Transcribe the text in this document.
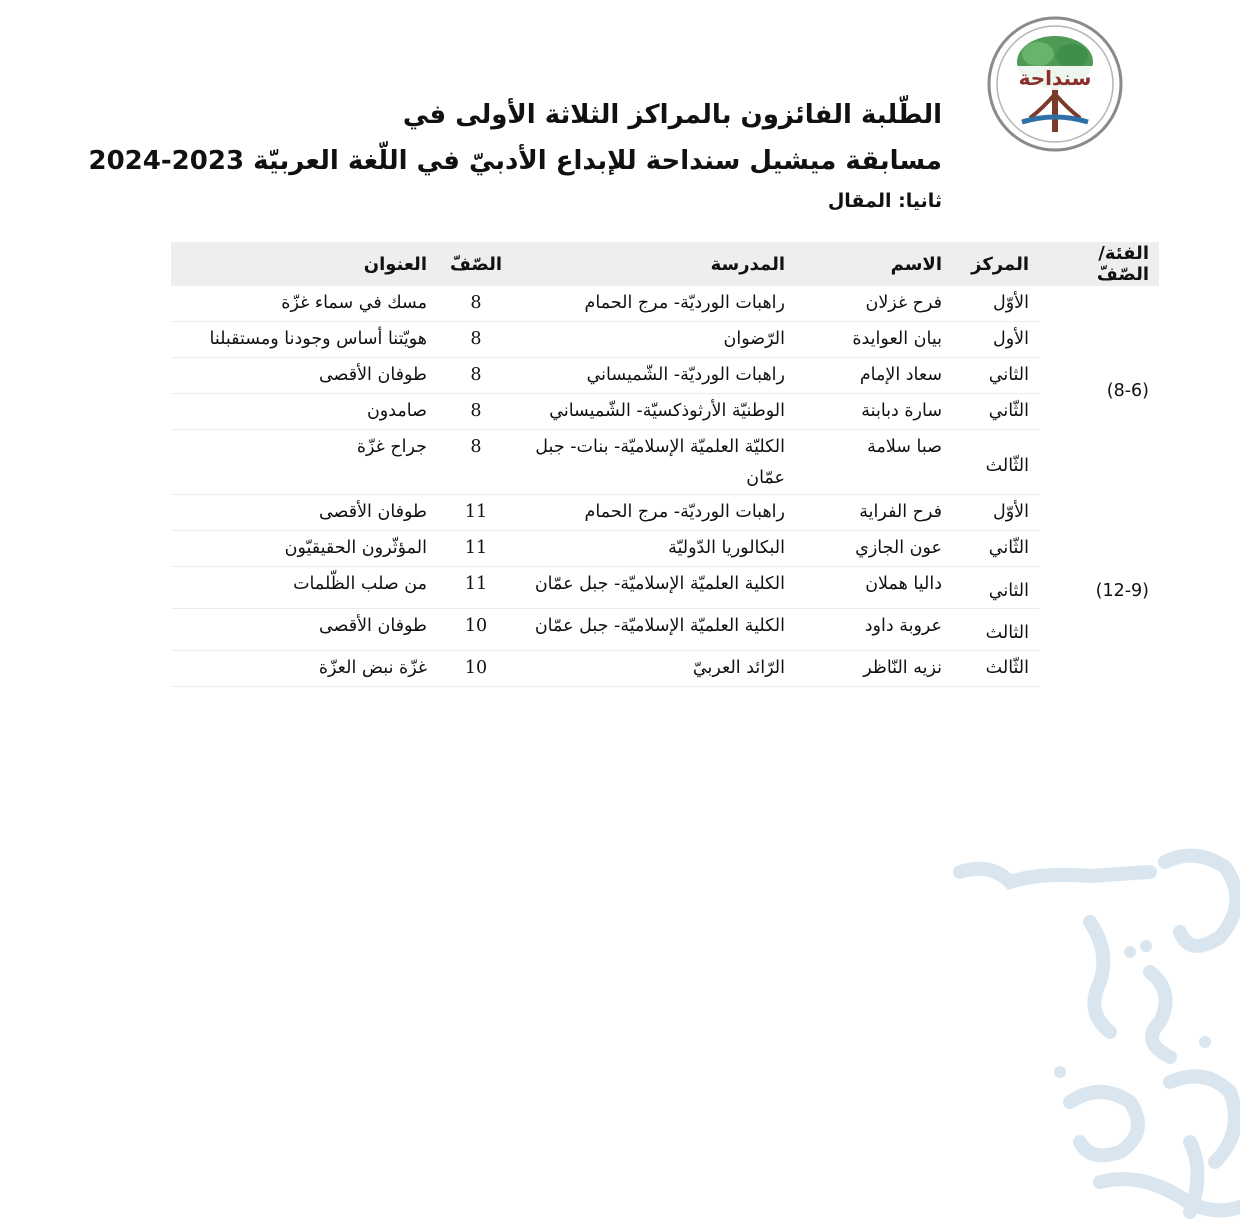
سنداحة
الطّلبة الفائزون بالمراكز الثلاثة الأولى في
مسابقة ميشيل سنداحة للإبداع الأدبيّ في اللّغة العربيّة 2023-2024
ثانيا: المقال
الفئة/الصّفّ	المركز	الاسم	المدرسة	الصّفّ	العنوان
(8-6)	الأوّل	فرح غزلان	راهبات الورديّة- مرج الحمام	8	مسك في سماء غزّة
	الأول	بيان العوايدة	الرّضوان	8	هويّتنا أساس وجودنا ومستقبلنا
	الثاني	سعاد الإمام	راهبات الورديّة- الشّميساني	8	طوفان الأقصى
	الثّاني	سارة دبابنة	الوطنيّة الأرثوذكسيّة- الشّميساني	8	صامدون
	الثّالث	صبا سلامة	الكليّة العلميّة الإسلاميّة- بنات- جبل عمّان	8	جراح غزّة
(12-9)	الأوّل	فرح الفراية	راهبات الورديّة- مرج الحمام	11	طوفان الأقصى
	الثّاني	عون الجازي	البكالوريا الدّوليّة	11	المؤثّرون الحقيقيّون
	الثاني	داليا هملان	الكلية العلميّة الإسلاميّة- جبل عمّان	11	من صلب الظّلمات
	الثالث	عروبة داود	الكلية العلميّة الإسلاميّة- جبل عمّان	10	طوفان الأقصى
	الثّالث	نزيه النّاظر	الرّائد العربيّ	10	غزّة نبض العزّة
